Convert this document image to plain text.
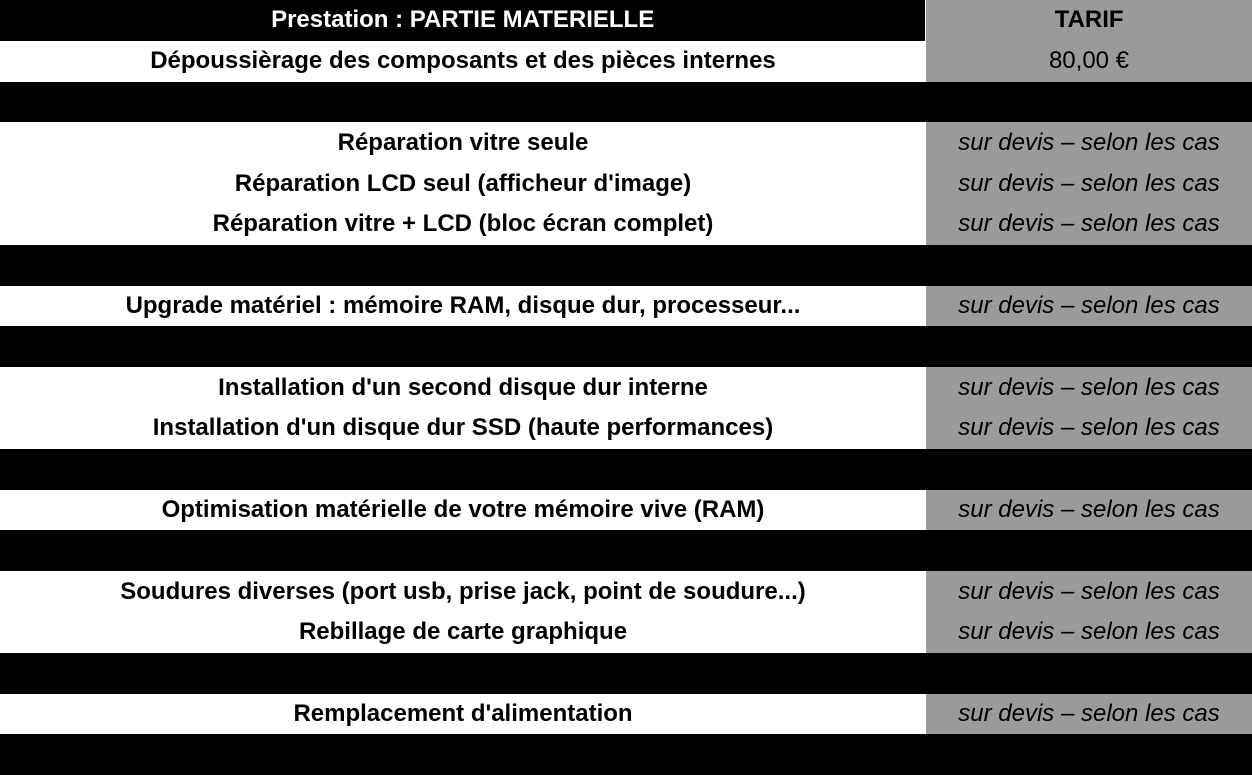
Prestation : PARTIE MATERIELLE	TARIF
Dépoussièrage des composants et des pièces internes	80,00 €
Réparation vitre seule	sur devis – selon les cas
Réparation LCD seul (afficheur d'image)	sur devis – selon les cas
Réparation vitre + LCD (bloc écran complet)	sur devis – selon les cas
Upgrade matériel : mémoire RAM, disque dur, processeur...	sur devis – selon les cas
Installation d'un second disque dur interne	sur devis – selon les cas
Installation d'un disque dur SSD (haute performances)	sur devis – selon les cas
Optimisation matérielle de votre mémoire vive (RAM)	sur devis – selon les cas
Soudures diverses (port usb, prise jack, point de soudure...)	sur devis – selon les cas
Rebillage de carte graphique	sur devis – selon les cas
Remplacement d'alimentation	sur devis – selon les cas
